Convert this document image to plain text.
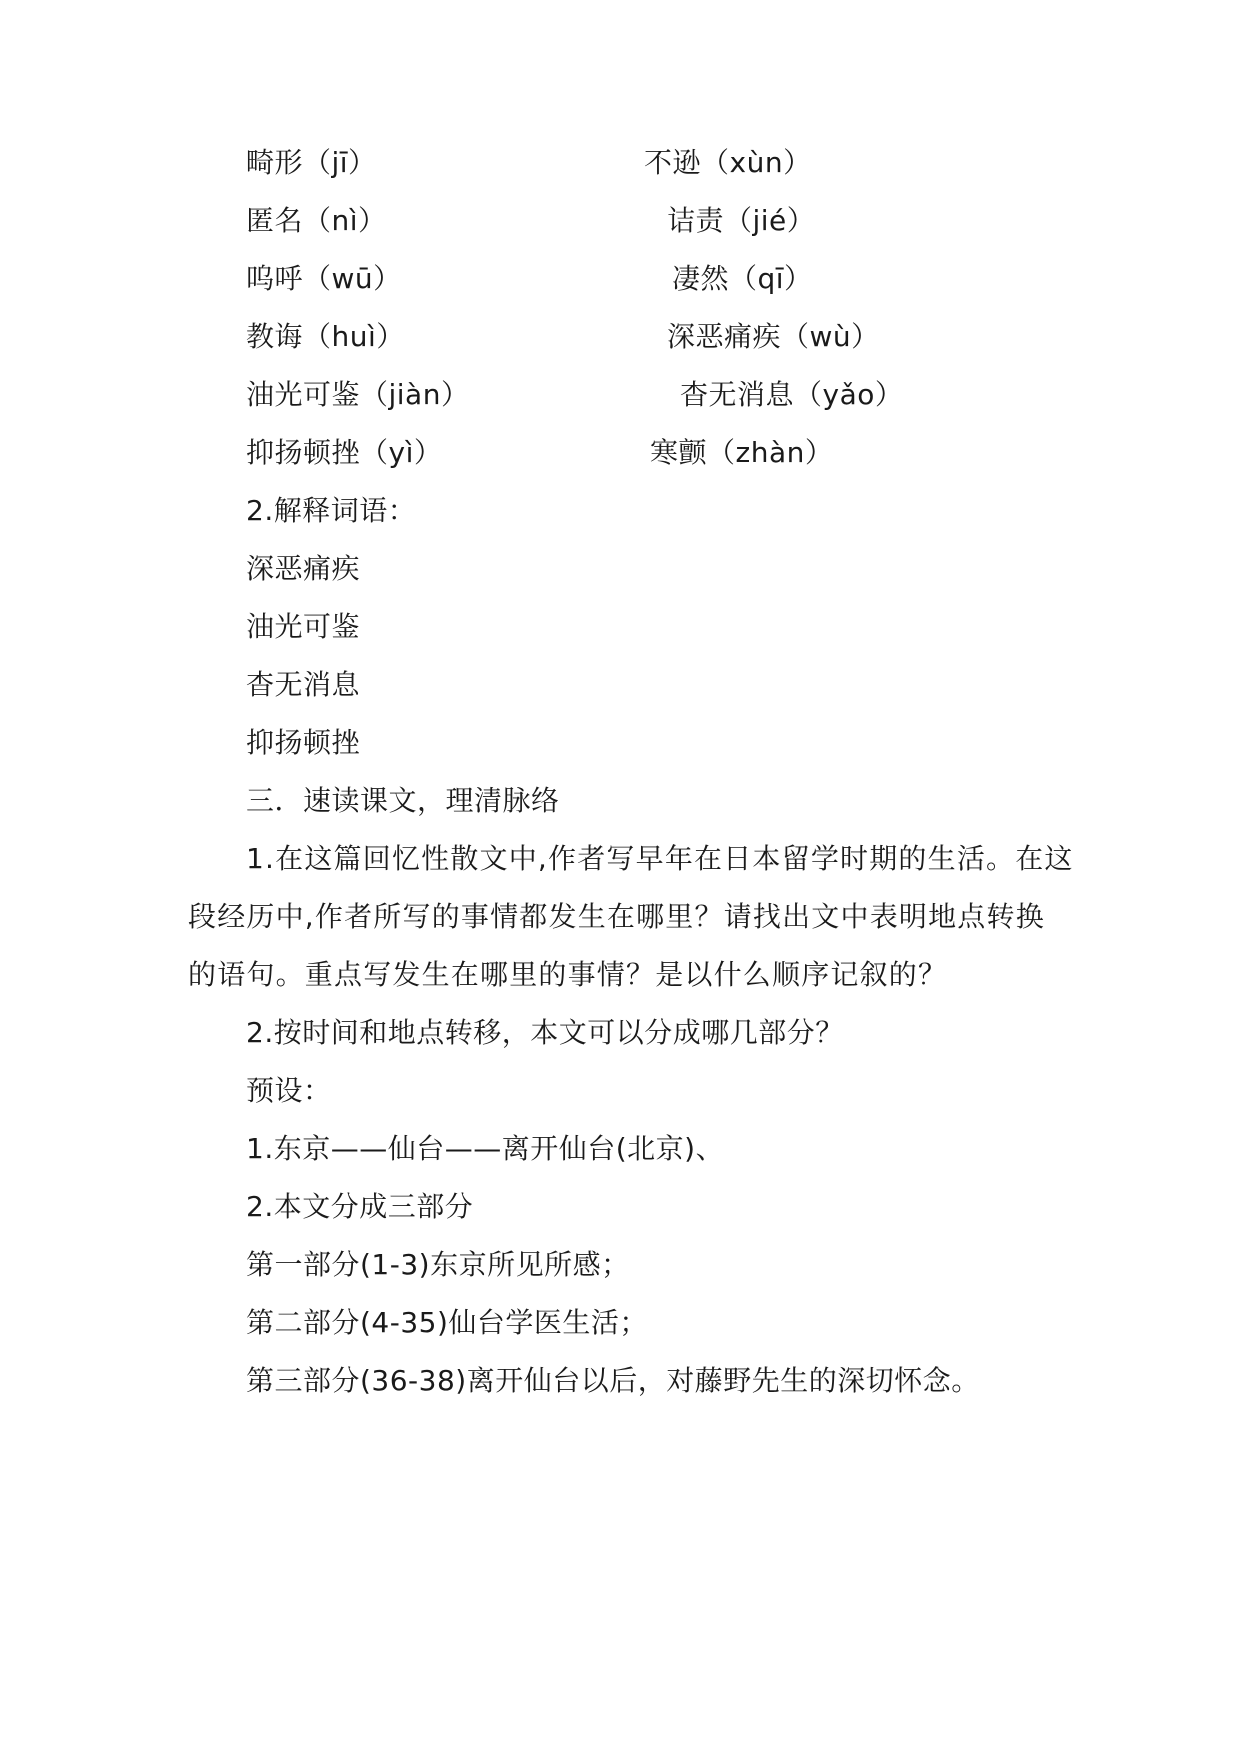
畸形（jī）
匿名（nì）
呜呼（wū）
教诲（huì）
油光可鉴（jiàn）
抑扬顿挫（yì）
不逊（xùn）
诘责（jié）
凄然（qī）
深恶痛疾（wù）
杳无消息（yǎo）
寒颤（zhàn）
2.解释词语：
深恶痛疾
油光可鉴
杳无消息
抑扬顿挫
三．速读课文，理清脉络
1.在这篇回忆性散文中,作者写早年在日本留学时期的生活。在这
段经历中,作者所写的事情都发生在哪里？请找出文中表明地点转换
的语句。重点写发生在哪里的事情？是以什么顺序记叙的？
2.按时间和地点转移，本文可以分成哪几部分？
预设：
1.东京——仙台——离开仙台(北京)、
2.本文分成三部分
第一部分(1-3)东京所见所感；
第二部分(4-35)仙台学医生活；
第三部分(36-38)离开仙台以后，对藤野先生的深切怀念。
